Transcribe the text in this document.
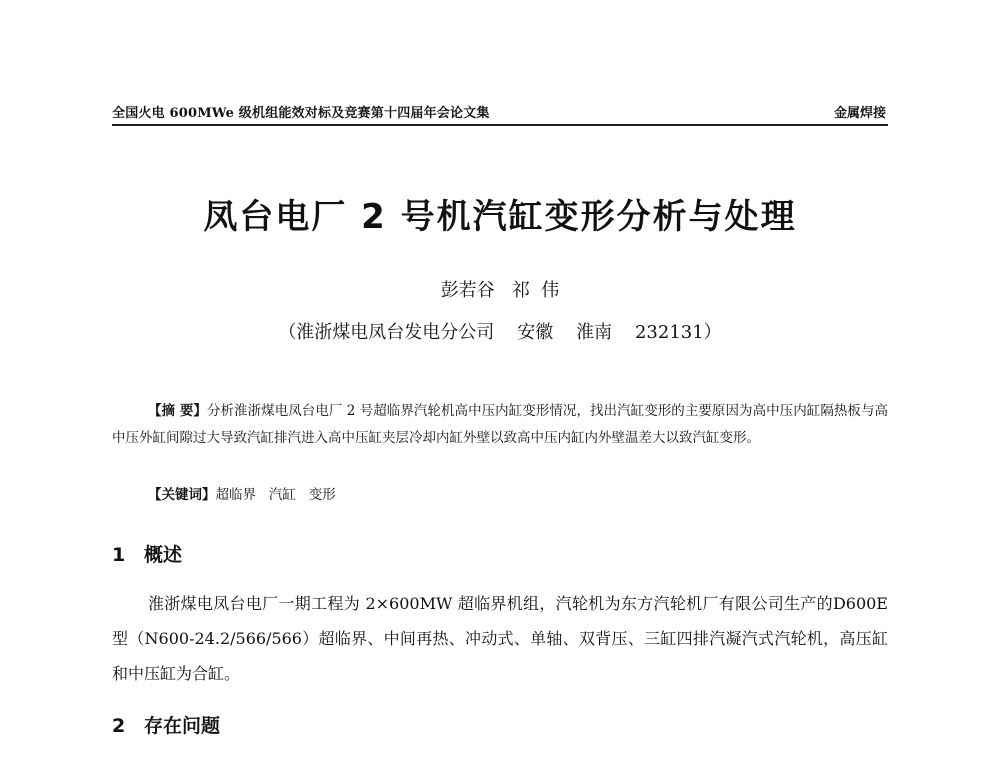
全国火电 600MWe 级机组能效对标及竞赛第十四届年会论文集	金属焊接
凤台电厂 2 号机汽缸变形分析与处理
彭若谷   祁  伟
（淮浙煤电凤台发电分公司    安徽    淮南    232131）
【摘 要】分析淮浙煤电凤台电厂 2 号超临界汽轮机高中压内缸变形情况，找出汽缸变形的主要原因为高中压内缸隔热板与高中压外缸间隙过大导致汽缸排汽进入高中压缸夹层冷却内缸外壁以致高中压内缸内外壁温差大以致汽缸变形。
【关键词】超临界   汽缸   变形
1 概述
淮浙煤电凤台电厂一期工程为 2×600MW 超临界机组，汽轮机为东方汽轮机厂有限公司生产的D600E 型（N600-24.2/566/566）超临界、中间再热、冲动式、单轴、双背压、三缸四排汽凝汽式汽轮机，高压缸和中压缸为合缸。
2 存在问题
